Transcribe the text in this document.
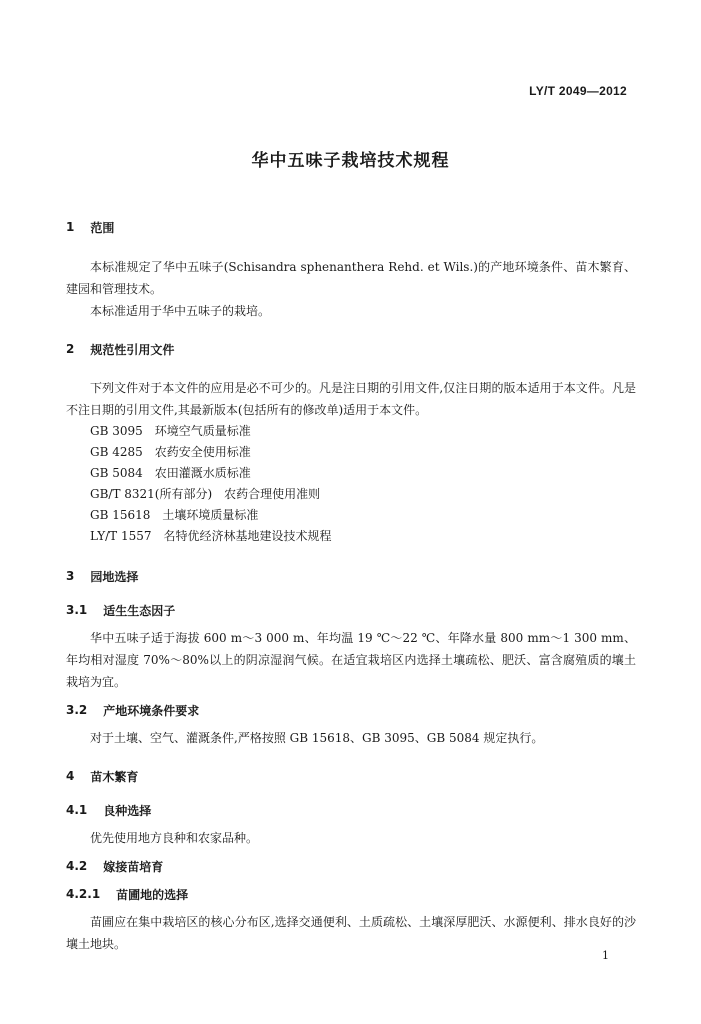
LY/T 2049—2012
华中五味子栽培技术规程
1 范围

本标准规定了华中五味子(Schisandra sphenanthera Rehd. et Wils.)的产地环境条件、苗木繁育、建园和管理技术。

本标准适用于华中五味子的栽培。

2 规范性引用文件

下列文件对于本文件的应用是必不可少的。凡是注日期的引用文件,仅注日期的版本适用于本文件。凡是不注日期的引用文件,其最新版本(包括所有的修改单)适用于本文件。

GB 3095　环境空气质量标准

GB 4285　农药安全使用标准

GB 5084　农田灌溉水质标准

GB/T 8321(所有部分)　农药合理使用准则

GB 15618　土壤环境质量标准

LY/T 1557　名特优经济林基地建设技术规程

3 园地选择
3.1 适生生态因子

华中五味子适于海拔 600 m～3 000 m、年均温 19 ℃～22 ℃、年降水量 800 mm～1 300 mm、年均相对湿度 70%～80%以上的阴凉湿润气候。在适宜栽培区内选择土壤疏松、肥沃、富含腐殖质的壤土栽培为宜。

3.2 产地环境条件要求

对于土壤、空气、灌溉条件,严格按照 GB 15618、GB 3095、GB 5084 规定执行。

4 苗木繁育
4.1 良种选择

优先使用地方良种和农家品种。

4.2 嫁接苗培育
4.2.1 苗圃地的选择

苗圃应在集中栽培区的核心分布区,选择交通便利、土质疏松、土壤深厚肥沃、水源便利、排水良好的沙壤土地块。

1
